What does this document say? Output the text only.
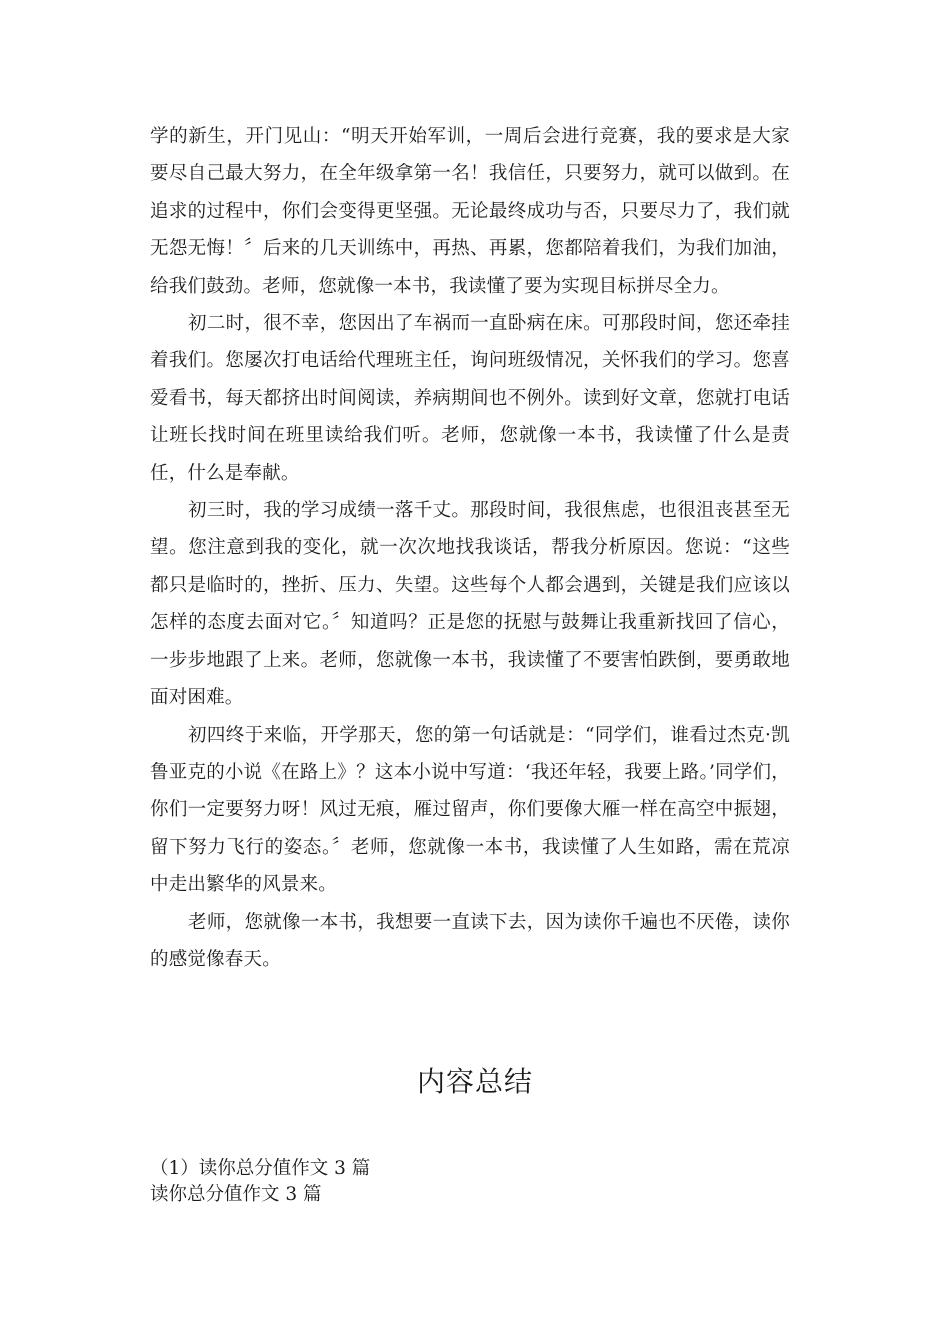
学的新生，开门见山：“明天开始军训，一周后会进行竞赛，我的要求是大家要尽自己最大努力，在全年级拿第一名！我信任，只要努力，就可以做到。在追求的过程中，你们会变得更坚强。无论最终成功与否，只要尽力了，我们就无怨无悔！〞后来的几天训练中，再热、再累，您都陪着我们，为我们加油，给我们鼓劲。老师，您就像一本书，我读懂了要为实现目标拼尽全力。

初二时，很不幸，您因出了车祸而一直卧病在床。可那段时间，您还牵挂着我们。您屡次打电话给代理班主任，询问班级情况，关怀我们的学习。您喜爱看书，每天都挤出时间阅读，养病期间也不例外。读到好文章，您就打电话让班长找时间在班里读给我们听。老师，您就像一本书，我读懂了什么是责任，什么是奉献。

初三时，我的学习成绩一落千丈。那段时间，我很焦虑，也很沮丧甚至无望。您注意到我的变化，就一次次地找我谈话，帮我分析原因。您说：“这些都只是临时的，挫折、压力、失望。这些每个人都会遇到，关键是我们应该以怎样的态度去面对它。〞知道吗？正是您的抚慰与鼓舞让我重新找回了信心，一步步地跟了上来。老师，您就像一本书，我读懂了不要害怕跌倒，要勇敢地面对困难。

初四终于来临，开学那天，您的第一句话就是：“同学们，谁看过杰克·凯鲁亚克的小说《在路上》？这本小说中写道：‘我还年轻，我要上路。’同学们，你们一定要努力呀！风过无痕，雁过留声，你们要像大雁一样在高空中振翅，留下努力飞行的姿态。〞老师，您就像一本书，我读懂了人生如路，需在荒凉中走出繁华的风景来。

老师，您就像一本书，我想要一直读下去，因为读你千遍也不厌倦，读你的感觉像春天。

内容总结
（1）读你总分值作文 3 篇
读你总分值作文 3 篇
